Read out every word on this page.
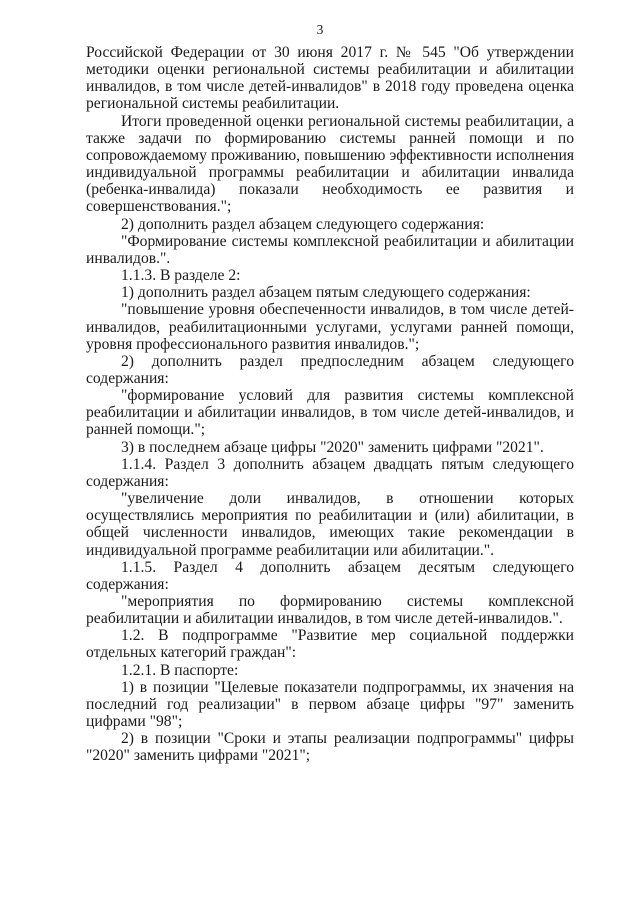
3

Российской Федерации от 30 июня 2017 г. № 545 "Об утверждении методики оценки региональной системы реабилитации и абилитации инвалидов, в том числе детей-инвалидов" в 2018 году проведена оценка региональной системы реабилитации.

Итоги проведенной оценки региональной системы реабилитации, а также задачи по формированию системы ранней помощи и по сопровождаемому проживанию, повышению эффективности исполнения индивидуальной программы реабилитации и абилитации инвалида (ребенка-инвалида) показали необходимость ее развития и совершенствования.";

2) дополнить раздел абзацем следующего содержания:

"Формирование системы комплексной реабилитации и абилитации инвалидов.".

1.1.3. В разделе 2:

1) дополнить раздел абзацем пятым следующего содержания:

"повышение уровня обеспеченности инвалидов, в том числе детей-инвалидов, реабилитационными услугами, услугами ранней помощи, уровня профессионального развития инвалидов.";

2) дополнить раздел предпоследним абзацем следующего содержания:

"формирование условий для развития системы комплексной реабилитации и абилитации инвалидов, в том числе детей-инвалидов, и ранней помощи.";

3) в последнем абзаце цифры "2020" заменить цифрами "2021".

1.1.4. Раздел 3 дополнить абзацем двадцать пятым следующего содержания:

"увеличение доли инвалидов, в отношении которых осуществлялись мероприятия по реабилитации и (или) абилитации, в общей численности инвалидов, имеющих такие рекомендации в индивидуальной программе реабилитации или абилитации.".

1.1.5. Раздел 4 дополнить абзацем десятым следующего содержания:

"мероприятия по формированию системы комплексной реабилитации и абилитации инвалидов, в том числе детей-инвалидов.".

1.2. В подпрограмме "Развитие мер социальной поддержки отдельных категорий граждан":

1.2.1. В паспорте:

1) в позиции "Целевые показатели подпрограммы, их значения на последний год реализации" в первом абзаце цифры "97" заменить цифрами "98";

2) в позиции "Сроки и этапы реализации подпрограммы" цифры "2020" заменить цифрами "2021";
